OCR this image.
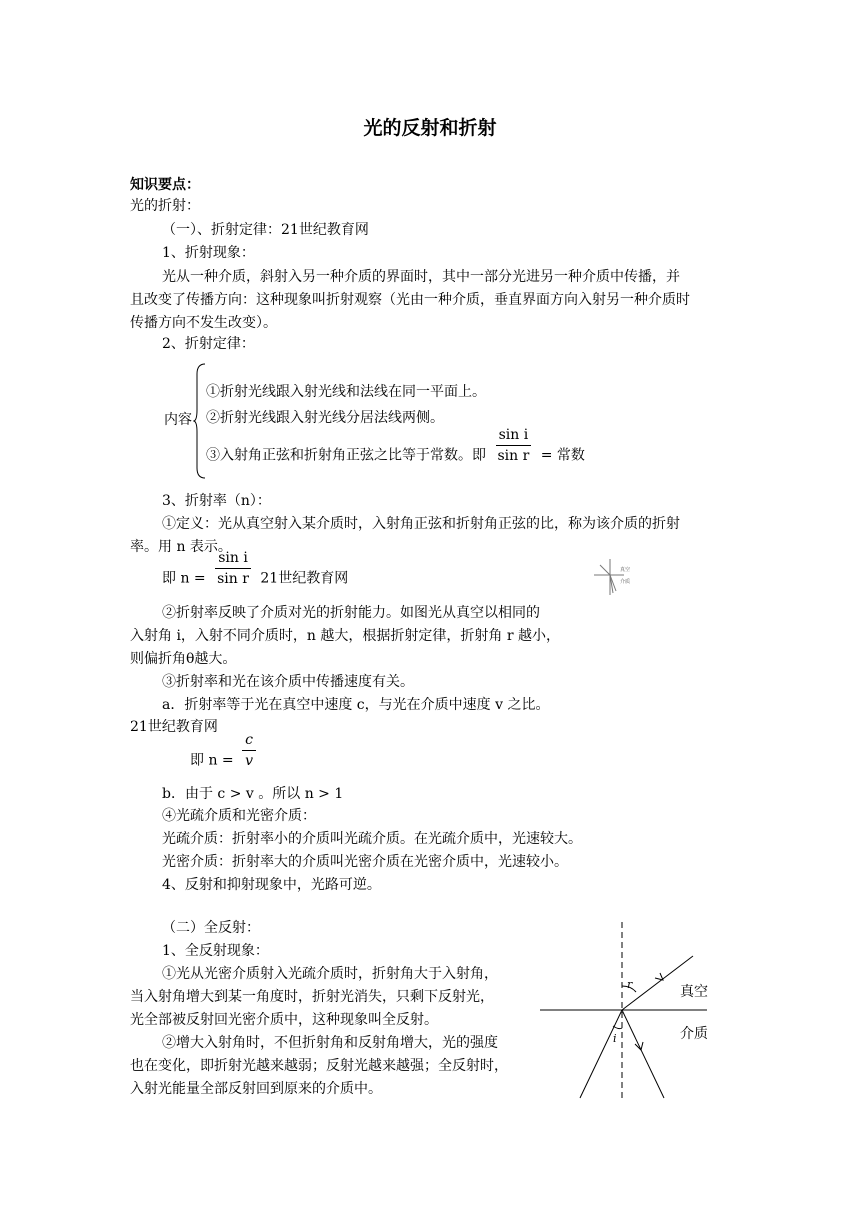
光的反射和折射
知识要点：
光的折射：
（一）、折射定律：21世纪教育网
1、折射现象：
光从一种介质，斜射入另一种介质的界面时，其中一部分光进另一种介质中传播，并
且改变了传播方向：这种现象叫折射观察（光由一种介质，垂直界面方向入射另一种介质时
传播方向不发生改变）。
2、折射定律：
内容
①折射光线跟入射光线和法线在同一平面上。
②折射光线跟入射光线分居法线两侧。
③入射角正弦和折射角正弦之比等于常数。即 $\frac{\text{sin i}}{\text{sin r}}$ = 常数
3、折射率（n）：
①定义：光从真空射入某介质时，入射角正弦和折射角正弦的比，称为该介质的折射
率。用 n 表示。
即 $n = \frac{\text{sin i}}{\text{sin r}} 21$世纪教育网
真空
介质
②折射率反映了介质对光的折射能力。如图光从真空以相同的
入射角 i，入射不同介质时，n 越大，根据折射定律，折射角 r 越小，
则偏折角θ越大。
③折射率和光在该介质中传播速度有关。
a．折射率等于光在真空中速度 c，与光在介质中速度 v 之比。
21世纪教育网
即 $n = \frac{c}{v}$
b．由于 c > v 。所以 n > 1
④光疏介质和光密介质：
光疏介质：折射率小的介质叫光疏介质。在光疏介质中，光速较大。
光密介质：折射率大的介质叫光密介质在光密介质中，光速较小。
4、反射和抑射现象中，光路可逆。
（二）全反射：
1、全反射现象：
①光从光密介质射入光疏介质时，折射角大于入射角，
当入射角增大到某一角度时，折射光消失，只剩下反射光，
光全部被反射回光密介质中，这种现象叫全反射。
②增大入射角时，不但折射角和反射角增大，光的强度
也在变化，即折射光越来越弱；反射光越来越强；全反射时，
入射光能量全部反射回到原来的介质中。
r
i
真空
介质
